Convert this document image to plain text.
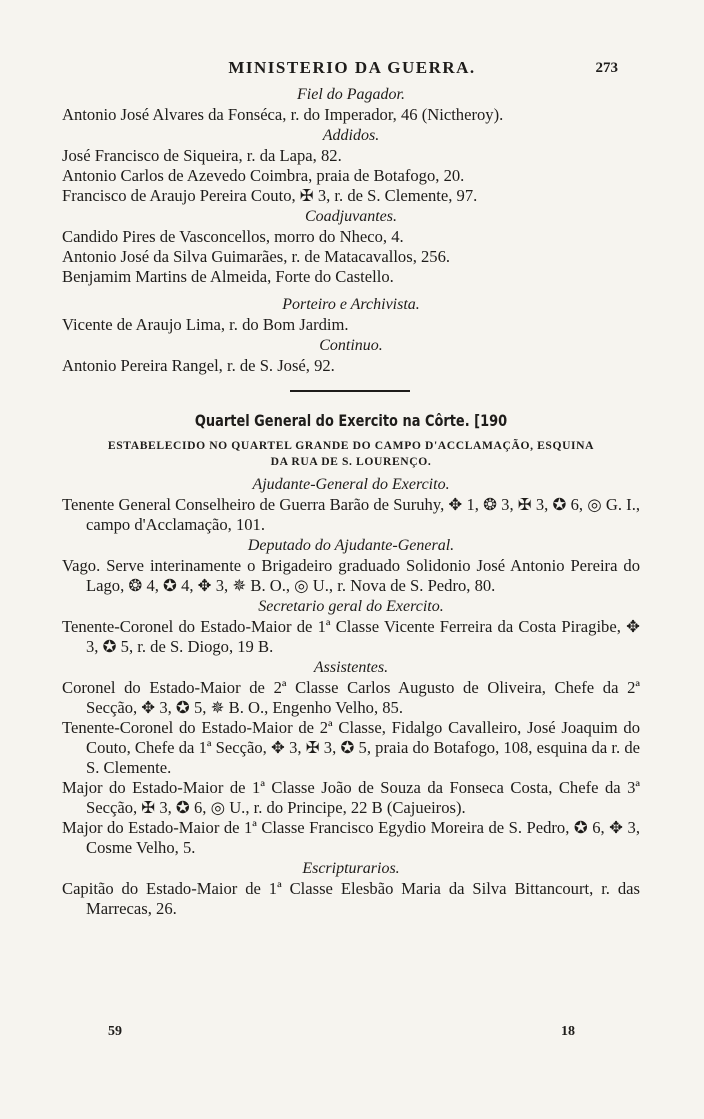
MINISTERIO DA GUERRA.	273
Fiel do Pagador.
Antonio José Alvares da Fonséca, r. do Imperador, 46 (Nictheroy).
Addidos.
José Francisco de Siqueira, r. da Lapa, 82.
Antonio Carlos de Azevedo Coimbra, praia de Botafogo, 20.
Francisco de Araujo Pereira Couto, ✠ 3, r. de S. Clemente, 97.
Coadjuvantes.
Candido Pires de Vasconcellos, morro do Nheco, 4.
Antonio José da Silva Guimarães, r. de Matacavallos, 256.
Benjamim Martins de Almeida, Forte do Castello.
Porteiro e Archivista.
Vicente de Araujo Lima, r. do Bom Jardim.
Continuo.
Antonio Pereira Rangel, r. de S. José, 92.
Quartel General do Exercito na Côrte. [190
ESTABELECIDO NO QUARTEL GRANDE DO CAMPO D'ACCLAMAÇÃO, ESQUINA
DA RUA DE S. LOURENÇO.
Ajudante-General do Exercito.
Tenente General Conselheiro de Guerra Barão de Suruhy, ✥ 1, ❂ 3, ✠ 3, ✪ 6, ◎ G. I., campo d'Acclamação, 101.
Deputado do Ajudante-General.
Vago. Serve interinamente o Brigadeiro graduado Solidonio José Antonio Pereira do Lago, ❂ 4, ✪ 4, ✥ 3, ✵ B. O., ◎ U., r. Nova de S. Pedro, 80.
Secretario geral do Exercito.
Tenente-Coronel do Estado-Maior de 1ª Classe Vicente Ferreira da Costa Piragibe, ✥ 3, ✪ 5, r. de S. Diogo, 19 B.
Assistentes.
Coronel do Estado-Maior de 2ª Classe Carlos Augusto de Oliveira, Chefe da 2ª Secção, ✥ 3, ✪ 5, ✵ B. O., Engenho Velho, 85.
Tenente-Coronel do Estado-Maior de 2ª Classe, Fidalgo Cavalleiro, José Joaquim do Couto, Chefe da 1ª Secção, ✥ 3, ✠ 3, ✪ 5, praia do Botafogo, 108, esquina da r. de S. Clemente.
Major do Estado-Maior de 1ª Classe João de Souza da Fonseca Costa, Chefe da 3ª Secção, ✠ 3, ✪ 6, ◎ U., r. do Principe, 22 B (Cajueiros).
Major do Estado-Maior de 1ª Classe Francisco Egydio Moreira de S. Pedro, ✪ 6, ✥ 3, Cosme Velho, 5.
Escripturarios.
Capitão do Estado-Maior de 1ª Classe Elesbão Maria da Silva Bittancourt, r. das Marrecas, 26.
59	18
